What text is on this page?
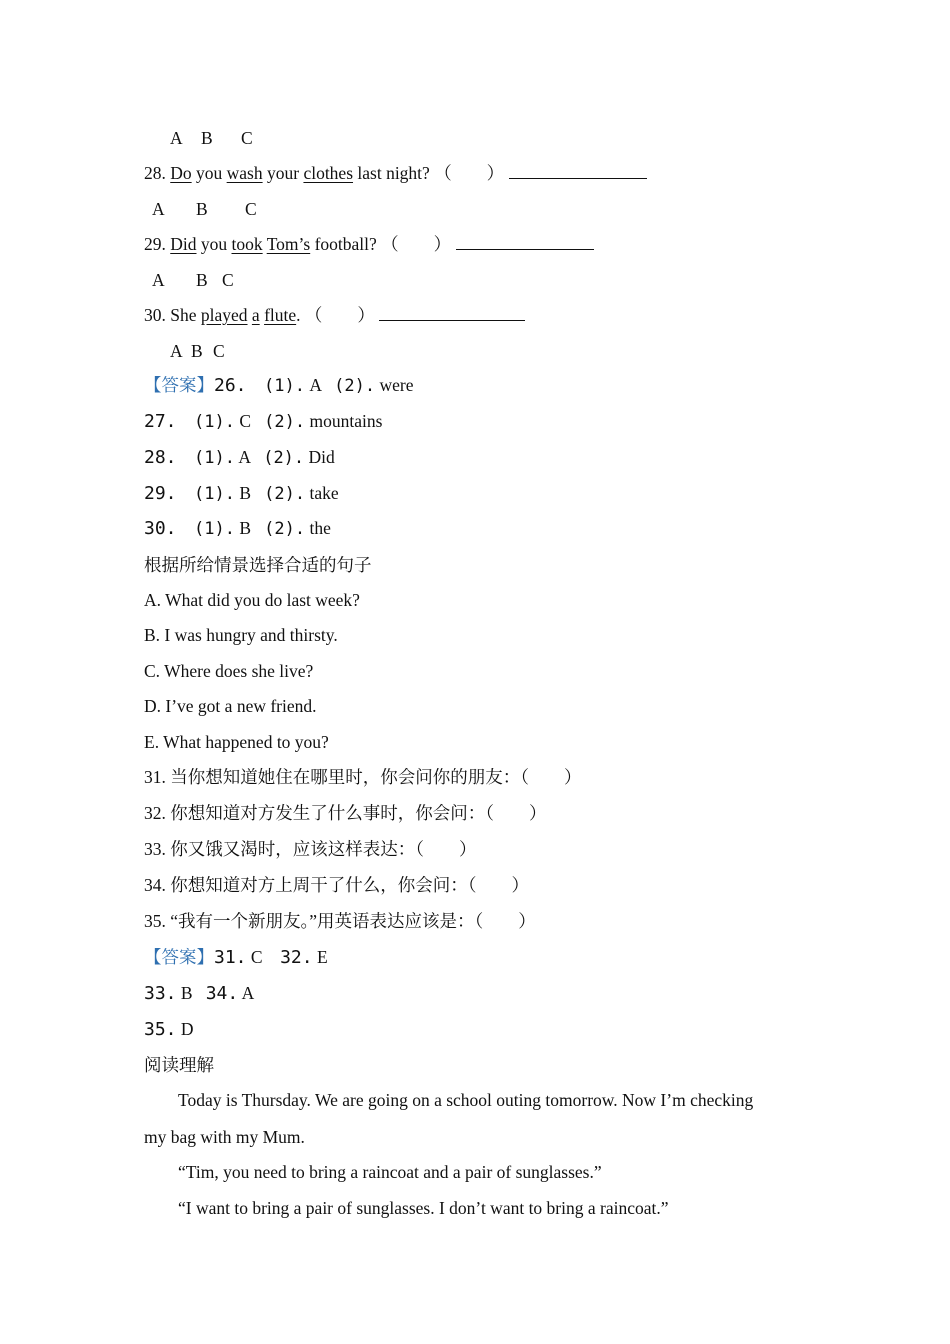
A B C
28. Do you wash your clothes last night? （　　）
A B C
29. Did you took Tom’s football? （　　）
A B C
30. She played a flute. （　　）
A B C
【答案】26. (1). A (2). were
27. (1). C (2). mountains
28. (1). A (2). Did
29. (1). B (2). take
30. (1). B (2). the
根据所给情景选择合适的句子
A. What did you do last week?
B. I was hungry and thirsty.
C. Where does she live?
D. I’ve got a new friend.
E. What happened to you?
31. 当你想知道她住在哪里时，你会问你的朋友：（　　）
32. 你想知道对方发生了什么事时，你会问：（　　）
33. 你又饿又渴时，应该这样表达：（　　）
34. 你想知道对方上周干了什么，你会问：（　　）
35. “我有一个新朋友。”用英语表达应该是：（　　）
【答案】31. C 32. E
33. B 34. A
35. D
阅读理解
Today is Thursday. We are going on a school outing tomorrow. Now I’m checking
my bag with my Mum.
“Tim, you need to bring a raincoat and a pair of sunglasses.”
“I want to bring a pair of sunglasses. I don’t want to bring a raincoat.”
